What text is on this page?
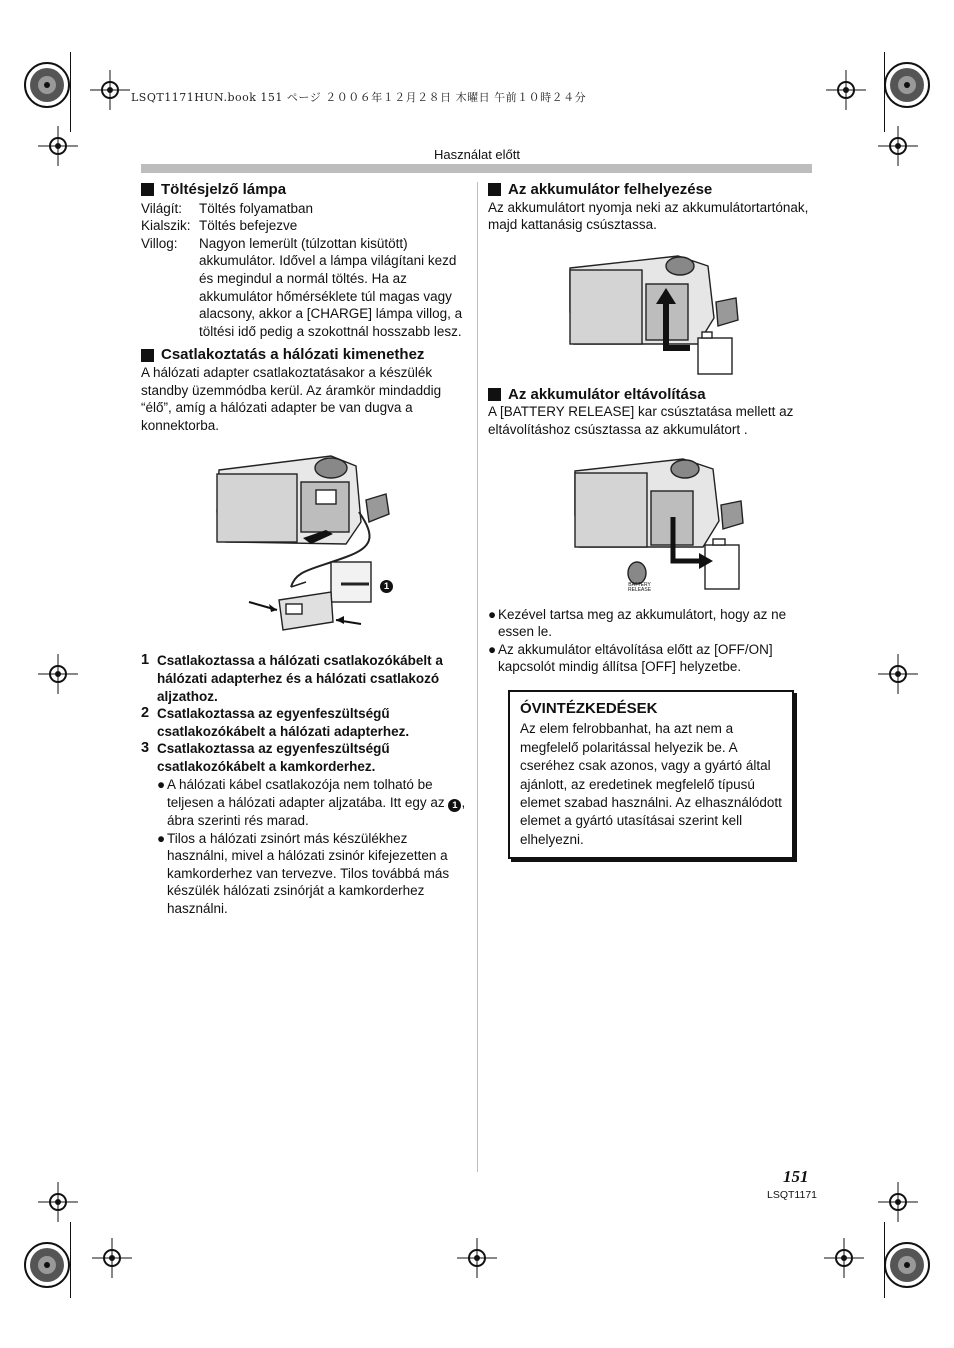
LSQT1171HUN.book 151 ページ ２００６年１２月２８日 木曜日 午前１０時２４分
Használat előtt
Töltésjelző lámpa
Világít:	Töltés folyamatban
Kialszik: Töltés befejezve
Villog:	Nagyon lemerült (túlzottan kisütött) akkumulátor. Idővel a lámpa világítani kezd és megindul a normál töltés. Ha az akkumulátor hőmérséklete túl magas vagy alacsony, akkor a [CHARGE] lámpa villog, a töltési idő pedig a szokottnál hosszabb lesz.
Csatlakoztatás a hálózati kimenethez

A hálózati adapter csatlakoztatásakor a készülék standby üzemmódba kerül. Az áramkör mindaddig “élő”, amíg a hálózati adapter be van dugva a konnektorba.

1
1 Csatlakoztassa a hálózati csatlakozókábelt a hálózati adapterhez és a hálózati csatlakozó aljzathoz.
2 Csatlakoztassa az egyenfeszültségű csatlakozókábelt a hálózati adapterhez.
3 Csatlakoztassa az egyenfeszültségű csatlakozókábelt a kamkorderhez.
● A hálózati kábel csatlakozója nem tolható be teljesen a hálózati adapter aljzatába. Itt egy az 1 , ábra szerinti rés marad.
● Tilos a hálózati zsinórt más készülékhez használni, mivel a hálózati zsinór kifejezetten a kamkorderhez van tervezve. Tilos továbbá más készülék hálózati zsinórját a kamkorderhez használni.
Az akkumulátor felhelyezése

Az akkumulátort nyomja neki az akkumulátortartónak, majd kattanásig csúsztassa.

Az akkumulátor eltávolítása

A [BATTERY RELEASE] kar csúsztatása mellett az eltávolításhoz csúsztassa az akkumulátort .

BATTERY
RELEASE
● Kezével tartsa meg az akkumulátort, hogy az ne essen le.
● Az akkumulátor eltávolítása előtt az [OFF/ON] kapcsolót mindig állítsa [OFF] helyzetbe.
ÓVINTÉZKEDÉSEK
Az elem felrobbanhat, ha azt nem a megfelelő polaritással helyezik be. A cseréhez csak azonos, vagy a gyártó által ajánlott, az eredetinek megfelelő típusú elemet szabad használni. Az elhasználódott elemet a gyártó utasításai szerint kell elhelyezni.
151
LSQT1171
